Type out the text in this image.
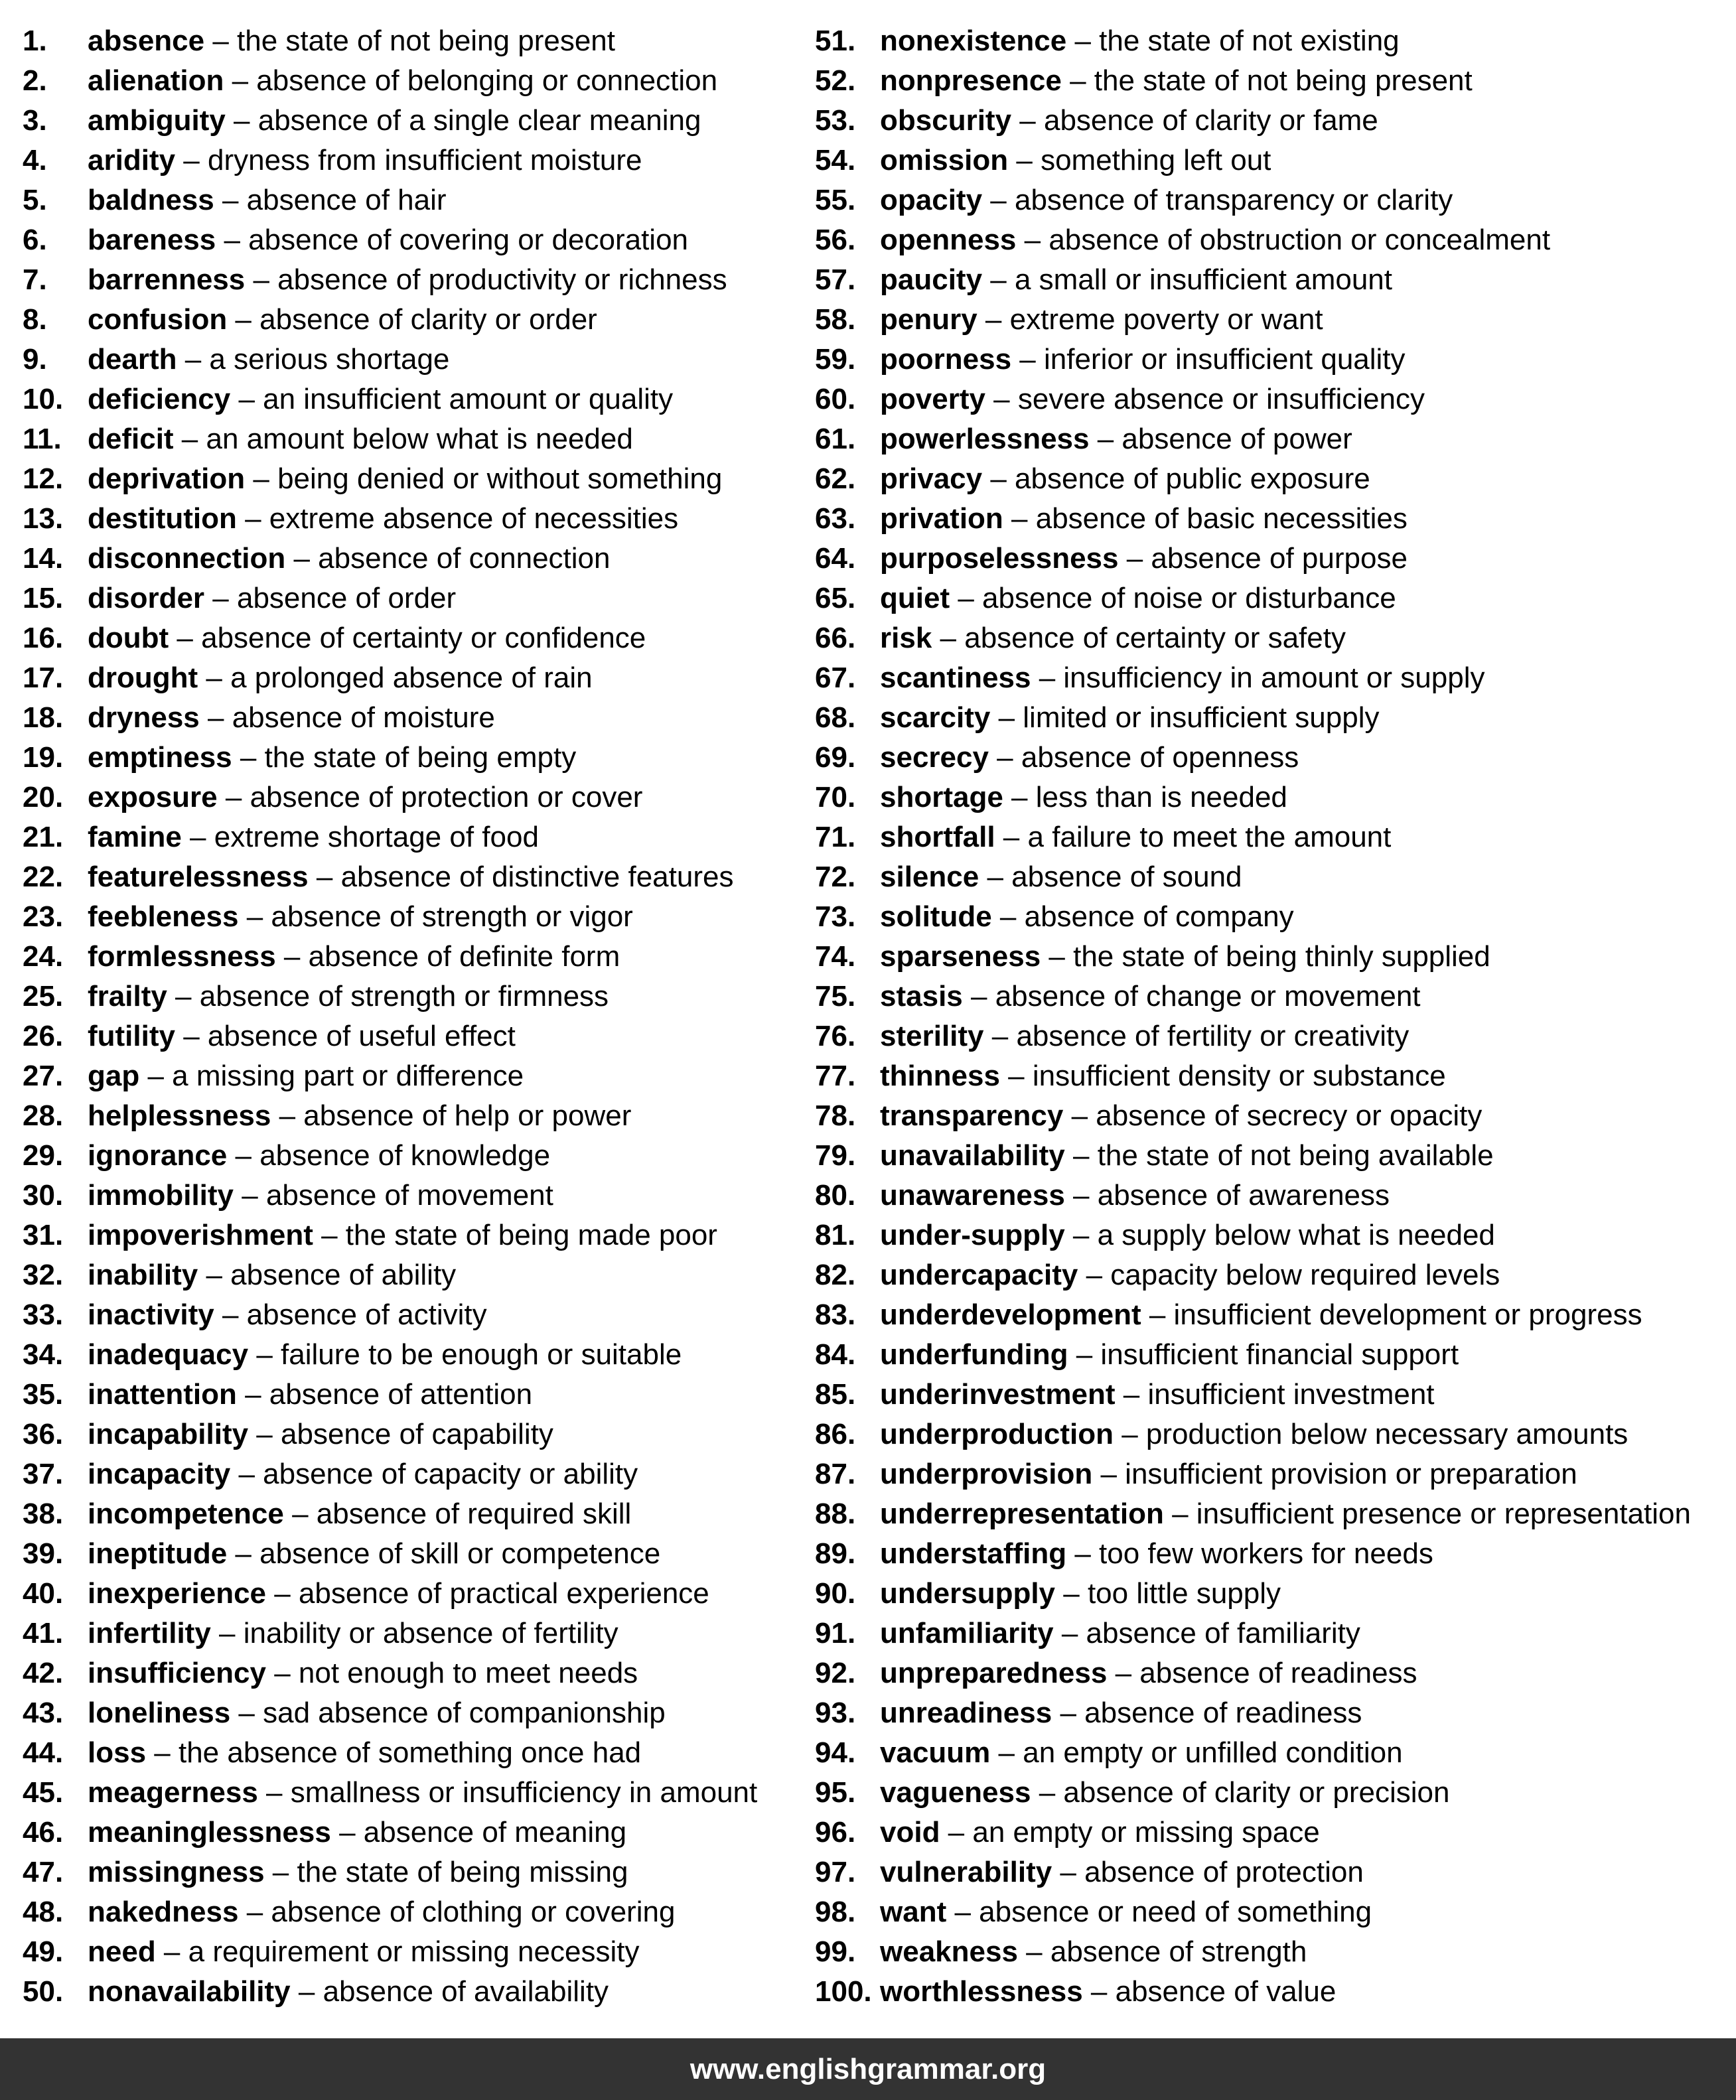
1. absence – the state of not being present
2. alienation – absence of belonging or connection
3. ambiguity – absence of a single clear meaning
4. aridity – dryness from insufficient moisture
5. baldness – absence of hair
6. bareness – absence of covering or decoration
7. barrenness – absence of productivity or richness
8. confusion – absence of clarity or order
9. dearth – a serious shortage
10. deficiency – an insufficient amount or quality
11. deficit – an amount below what is needed
12. deprivation – being denied or without something
13. destitution – extreme absence of necessities
14. disconnection – absence of connection
15. disorder – absence of order
16. doubt – absence of certainty or confidence
17. drought – a prolonged absence of rain
18. dryness – absence of moisture
19. emptiness – the state of being empty
20. exposure – absence of protection or cover
21. famine – extreme shortage of food
22. featurelessness – absence of distinctive features
23. feebleness – absence of strength or vigor
24. formlessness – absence of definite form
25. frailty – absence of strength or firmness
26. futility – absence of useful effect
27. gap – a missing part or difference
28. helplessness – absence of help or power
29. ignorance – absence of knowledge
30. immobility – absence of movement
31. impoverishment – the state of being made poor
32. inability – absence of ability
33. inactivity – absence of activity
34. inadequacy – failure to be enough or suitable
35. inattention – absence of attention
36. incapability – absence of capability
37. incapacity – absence of capacity or ability
38. incompetence – absence of required skill
39. ineptitude – absence of skill or competence
40. inexperience – absence of practical experience
41. infertility – inability or absence of fertility
42. insufficiency – not enough to meet needs
43. loneliness – sad absence of companionship
44. loss – the absence of something once had
45. meagerness – smallness or insufficiency in amount
46. meaninglessness – absence of meaning
47. missingness – the state of being missing
48. nakedness – absence of clothing or covering
49. need – a requirement or missing necessity
50. nonavailability – absence of availability
51. nonexistence – the state of not existing
52. nonpresence – the state of not being present
53. obscurity – absence of clarity or fame
54. omission – something left out
55. opacity – absence of transparency or clarity
56. openness – absence of obstruction or concealment
57. paucity – a small or insufficient amount
58. penury – extreme poverty or want
59. poorness – inferior or insufficient quality
60. poverty – severe absence or insufficiency
61. powerlessness – absence of power
62. privacy – absence of public exposure
63. privation – absence of basic necessities
64. purposelessness – absence of purpose
65. quiet – absence of noise or disturbance
66. risk – absence of certainty or safety
67. scantiness – insufficiency in amount or supply
68. scarcity – limited or insufficient supply
69. secrecy – absence of openness
70. shortage – less than is needed
71. shortfall – a failure to meet the amount
72. silence – absence of sound
73. solitude – absence of company
74. sparseness – the state of being thinly supplied
75. stasis – absence of change or movement
76. sterility – absence of fertility or creativity
77. thinness – insufficient density or substance
78. transparency – absence of secrecy or opacity
79. unavailability – the state of not being available
80. unawareness – absence of awareness
81. under-supply – a supply below what is needed
82. undercapacity – capacity below required levels
83. underdevelopment – insufficient development or progress
84. underfunding – insufficient financial support
85. underinvestment – insufficient investment
86. underproduction – production below necessary amounts
87. underprovision – insufficient provision or preparation
88. underrepresentation – insufficient presence or representation
89. understaffing – too few workers for needs
90. undersupply – too little supply
91. unfamiliarity – absence of familiarity
92. unpreparedness – absence of readiness
93. unreadiness – absence of readiness
94. vacuum – an empty or unfilled condition
95. vagueness – absence of clarity or precision
96. void – an empty or missing space
97. vulnerability – absence of protection
98. want – absence or need of something
99. weakness – absence of strength
100. worthlessness – absence of value
www.englishgrammar.org
